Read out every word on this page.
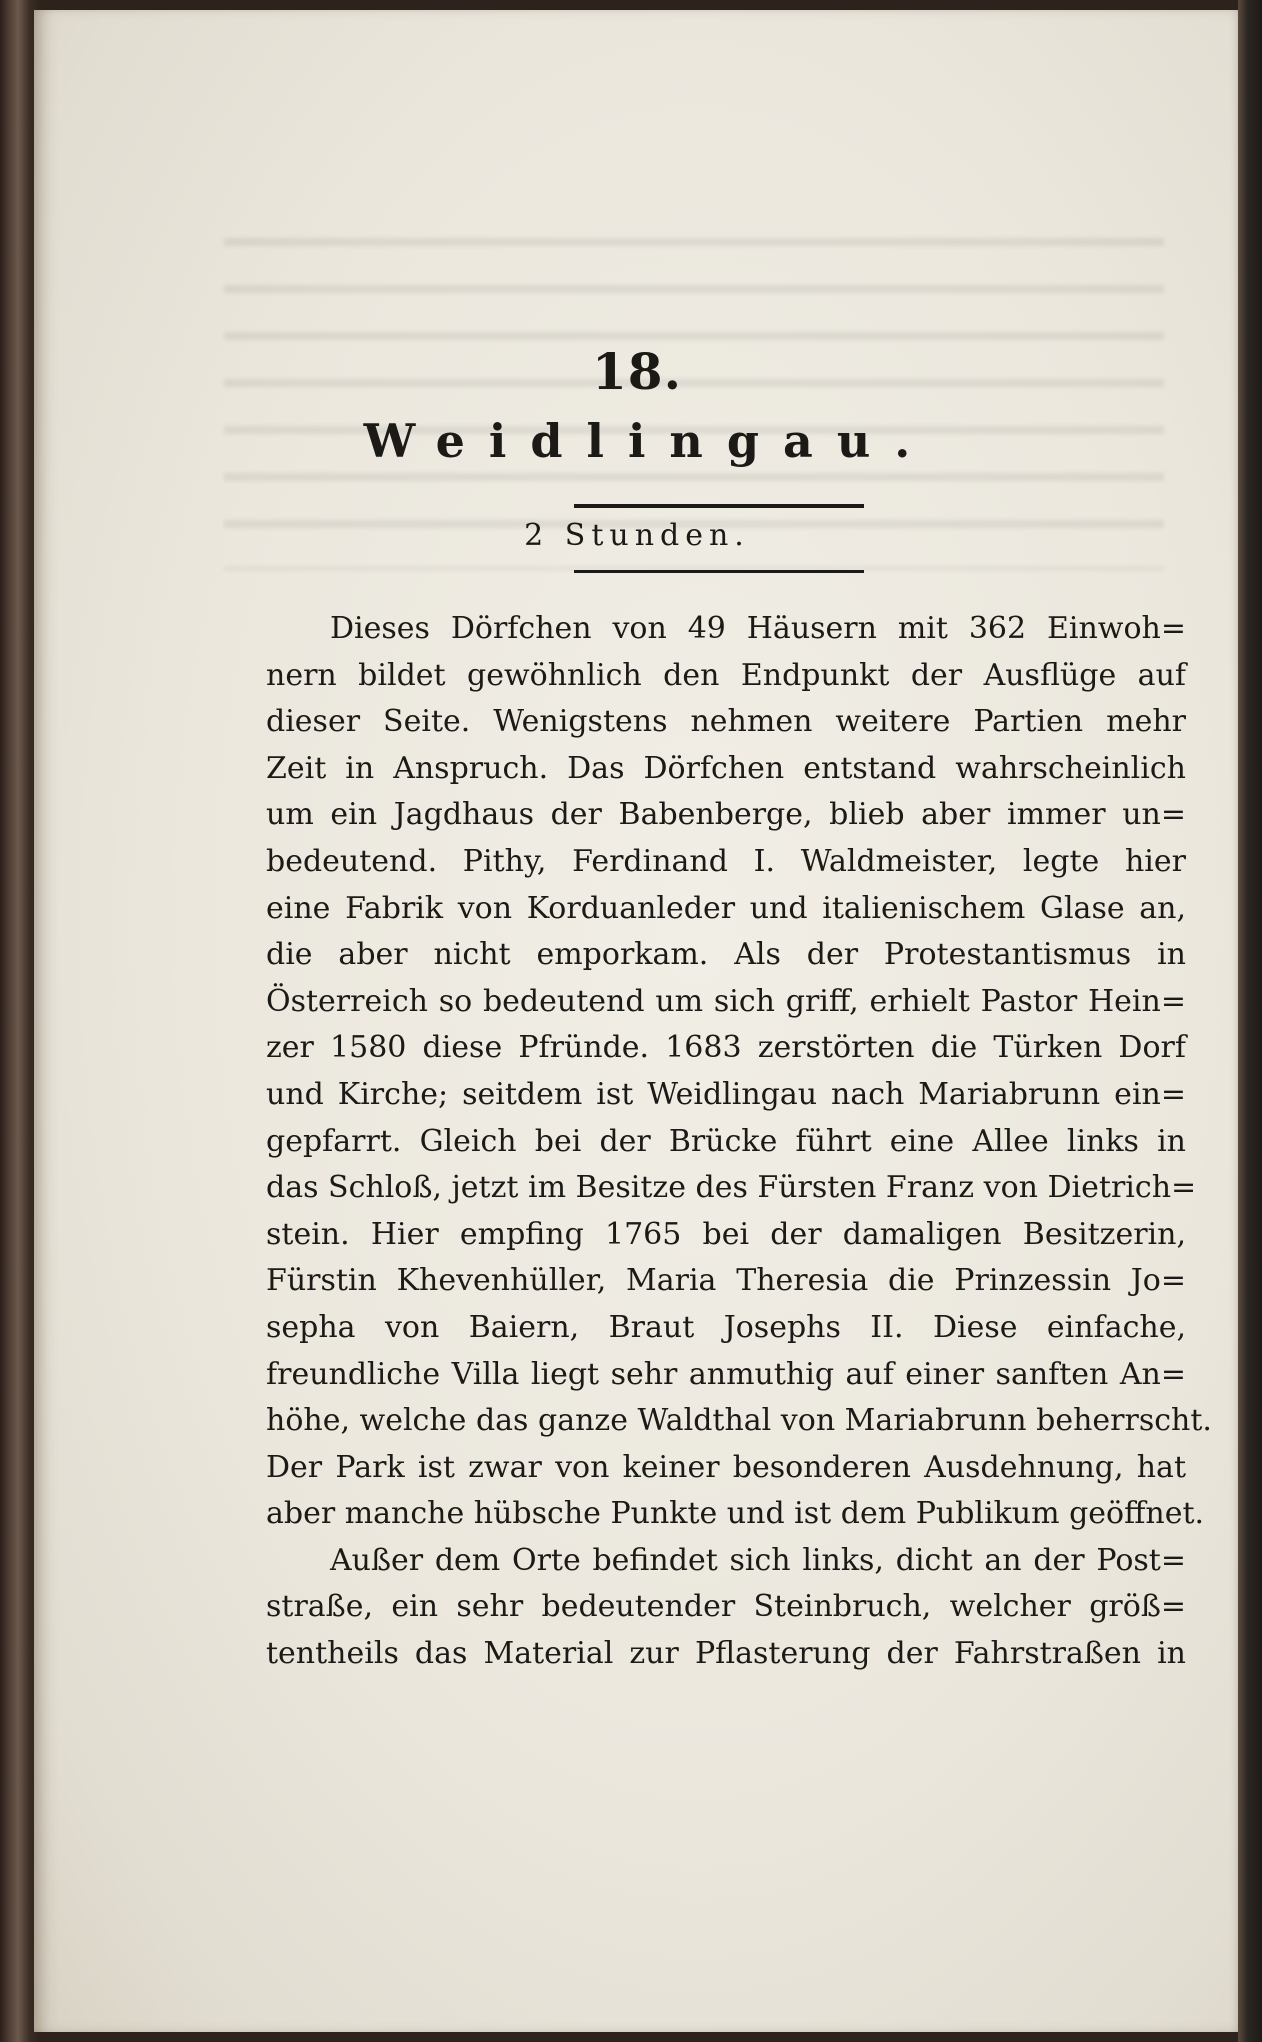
18.
Weidlingau.
2 Stunden.
Dieses Dörfchen von 49 Häusern mit 362 Einwoh=
nern bildet gewöhnlich den Endpunkt der Ausflüge auf
dieser Seite. Wenigstens nehmen weitere Partien mehr
Zeit in Anspruch. Das Dörfchen entstand wahrscheinlich
um ein Jagdhaus der Babenberge, blieb aber immer un=
bedeutend. Pithy, Ferdinand I. Waldmeister, legte hier
eine Fabrik von Korduanleder und italienischem Glase an,
die aber nicht emporkam. Als der Protestantismus in
Österreich so bedeutend um sich griff, erhielt Pastor Hein=
zer 1580 diese Pfründe. 1683 zerstörten die Türken Dorf
und Kirche; seitdem ist Weidlingau nach Mariabrunn ein=
gepfarrt. Gleich bei der Brücke führt eine Allee links in
das Schloß, jetzt im Besitze des Fürsten Franz von Dietrich=
stein. Hier empfing 1765 bei der damaligen Besitzerin,
Fürstin Khevenhüller, Maria Theresia die Prinzessin Jo=
sepha von Baiern, Braut Josephs II. Diese einfache,
freundliche Villa liegt sehr anmuthig auf einer sanften An=
höhe, welche das ganze Waldthal von Mariabrunn beherrscht.
Der Park ist zwar von keiner besonderen Ausdehnung, hat
aber manche hübsche Punkte und ist dem Publikum geöffnet.
Außer dem Orte befindet sich links, dicht an der Post=
straße, ein sehr bedeutender Steinbruch, welcher größ=
tentheils das Material zur Pflasterung der Fahrstraßen in
